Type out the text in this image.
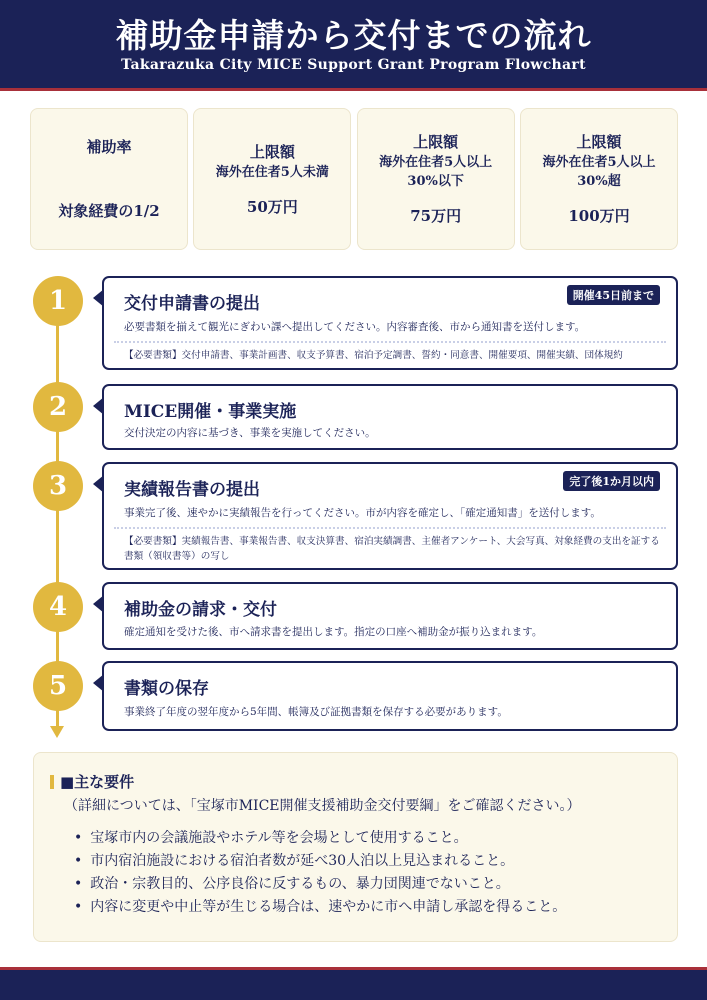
補助金申請から交付までの流れ
Takarazuka City MICE Support Grant Program Flowchart
補助率
対象経費の1/2
上限額
海外在住者5人未満
50万円
上限額
海外在住者5人以上 30%以下
75万円
上限額
海外在住者5人以上 30%超
100万円
1	交付申請書の提出	開催45日前まで
必要書類を揃えて観光にぎわい課へ提出してください。内容審査後、市から通知書を送付します。
【必要書類】交付申請書、事業計画書、収支予算書、宿泊予定調書、誓約・同意書、開催要項、開催実績、団体規約
2	MICE開催・事業実施
交付決定の内容に基づき、事業を実施してください。
3	実績報告書の提出	完了後1か月以内
事業完了後、速やかに実績報告を行ってください。市が内容を確定し、「確定通知書」を送付します。
【必要書類】実績報告書、事業報告書、収支決算書、宿泊実績調書、主催者アンケート、大会写真、対象経費の支出を証する書類（領収書等）の写し
4	補助金の請求・交付
確定通知を受けた後、市へ請求書を提出します。指定の口座へ補助金が振り込まれます。
5	書類の保存
事業終了年度の翌年度から5年間、帳簿及び証拠書類を保存する必要があります。
■主な要件
（詳細については、「宝塚市MICE開催支援補助金交付要綱」をご確認ください。）
• 宝塚市内の会議施設やホテル等を会場として使用すること。
• 市内宿泊施設における宿泊者数が延べ30人泊以上見込まれること。
• 政治・宗教目的、公序良俗に反するもの、暴力団関連でないこと。
• 内容に変更や中止等が生じる場合は、速やかに市へ申請し承認を得ること。
